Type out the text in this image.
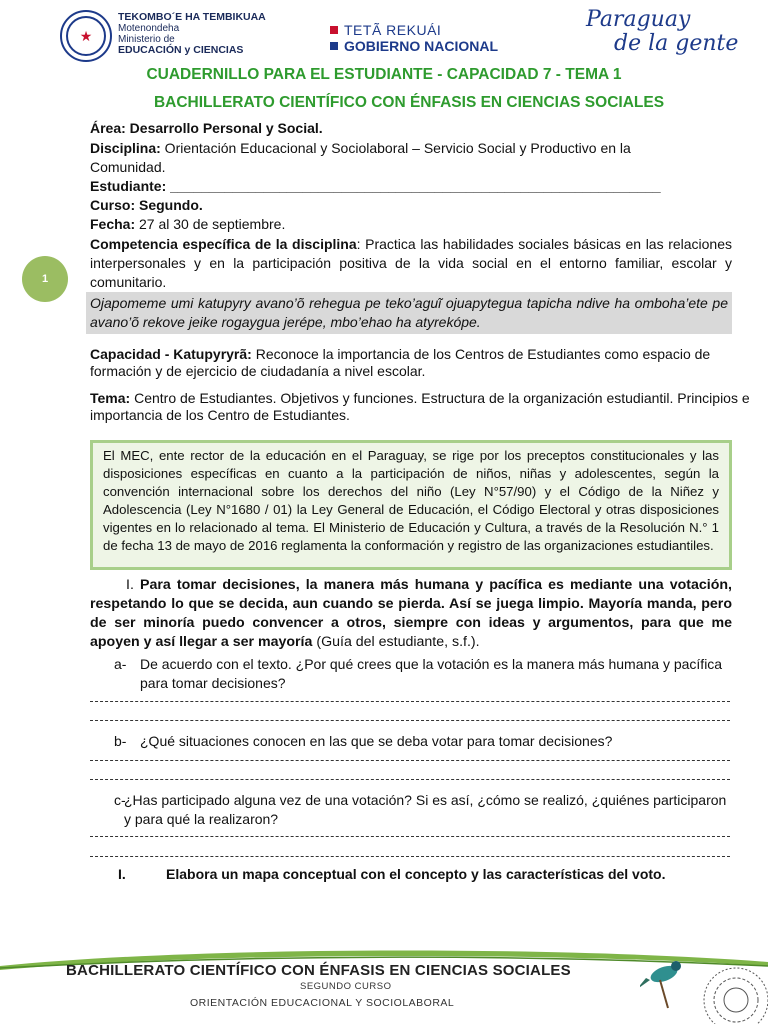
★
TEKOMBO´E HA TEMBIKUAA
Motenondeha
Ministerio de
EDUCACIÓN y CIENCIAS
TETÃ REKUÁI
GOBIERNO NACIONAL
Paraguay
de la gente
CUADERNILLO PARA EL ESTUDIANTE - CAPACIDAD 7 - TEMA 1
BACHILLERATO CIENTÍFICO CON ÉNFASIS EN CIENCIAS SOCIALES
1
Área: Desarrollo Personal y Social.
Disciplina: Orientación Educacional y Sociolaboral – Servicio Social y Productivo en la
Comunidad.
Estudiante: _______________________________________________________________
Curso: Segundo.
Fecha: 27 al 30 de septiembre.
Competencia específica de la disciplina: Practica las habilidades sociales básicas en las relaciones interpersonales y en la participación positiva de la vida social en el entorno familiar, escolar y comunitario.
Ojapomeme umi katupyry avano’õ rehegua pe teko’aguĩ ojuapytegua tapicha ndive ha omboha’ete pe avano’õ rekove jeike rogaygua jerépe, mbo’ehao ha atyrekópe.
Capacidad - Katupyryrã: Reconoce la importancia de los Centros de Estudiantes como espacio de formación y de ejercicio de ciudadanía a nivel escolar.
Tema: Centro de Estudiantes. Objetivos y funciones. Estructura de la organización estudiantil. Principios e importancia de los Centro de Estudiantes.
El MEC, ente rector de la educación en el Paraguay, se rige por los preceptos constitucionales y las disposiciones específicas en cuanto a la participación de niños, niñas y adolescentes, según la convención internacional sobre los derechos del niño (Ley N°57/90) y el Código de la Niñez y Adolescencia (Ley N°1680 / 01) la Ley General de Educación, el Código Electoral y otras disposiciones vigentes en lo relacionado al tema. El Ministerio de Educación y Cultura, a través de la Resolución N.° 1 de fecha 13 de mayo de 2016 reglamenta la conformación y registro de las organizaciones estudiantiles.
I. Para tomar decisiones, la manera más humana y pacífica es mediante una votación, respetando lo que se decida, aun cuando se pierda. Así se juega limpio. Mayoría manda, pero de ser minoría puedo convencer a otros, siempre con ideas y argumentos, para que me apoyen y así llegar a ser mayoría (Guía del estudiante, s.f.).
a- De acuerdo con el texto. ¿Por qué crees que la votación es la manera más humana y pacífica para tomar decisiones?
b- ¿Qué situaciones conocen en las que se deba votar para tomar decisiones?
c-
¿Has participado alguna vez de una votación? Si es así, ¿cómo se realizó, ¿quiénes participaron y para qué la realizaron?
I.	Elabora un mapa conceptual con el concepto y las características del voto.
BACHILLERATO CIENTÍFICO CON ÉNFASIS EN CIENCIAS SOCIALES
SEGUNDO CURSO
ORIENTACIÓN EDUCACIONAL Y SOCIOLABORAL
